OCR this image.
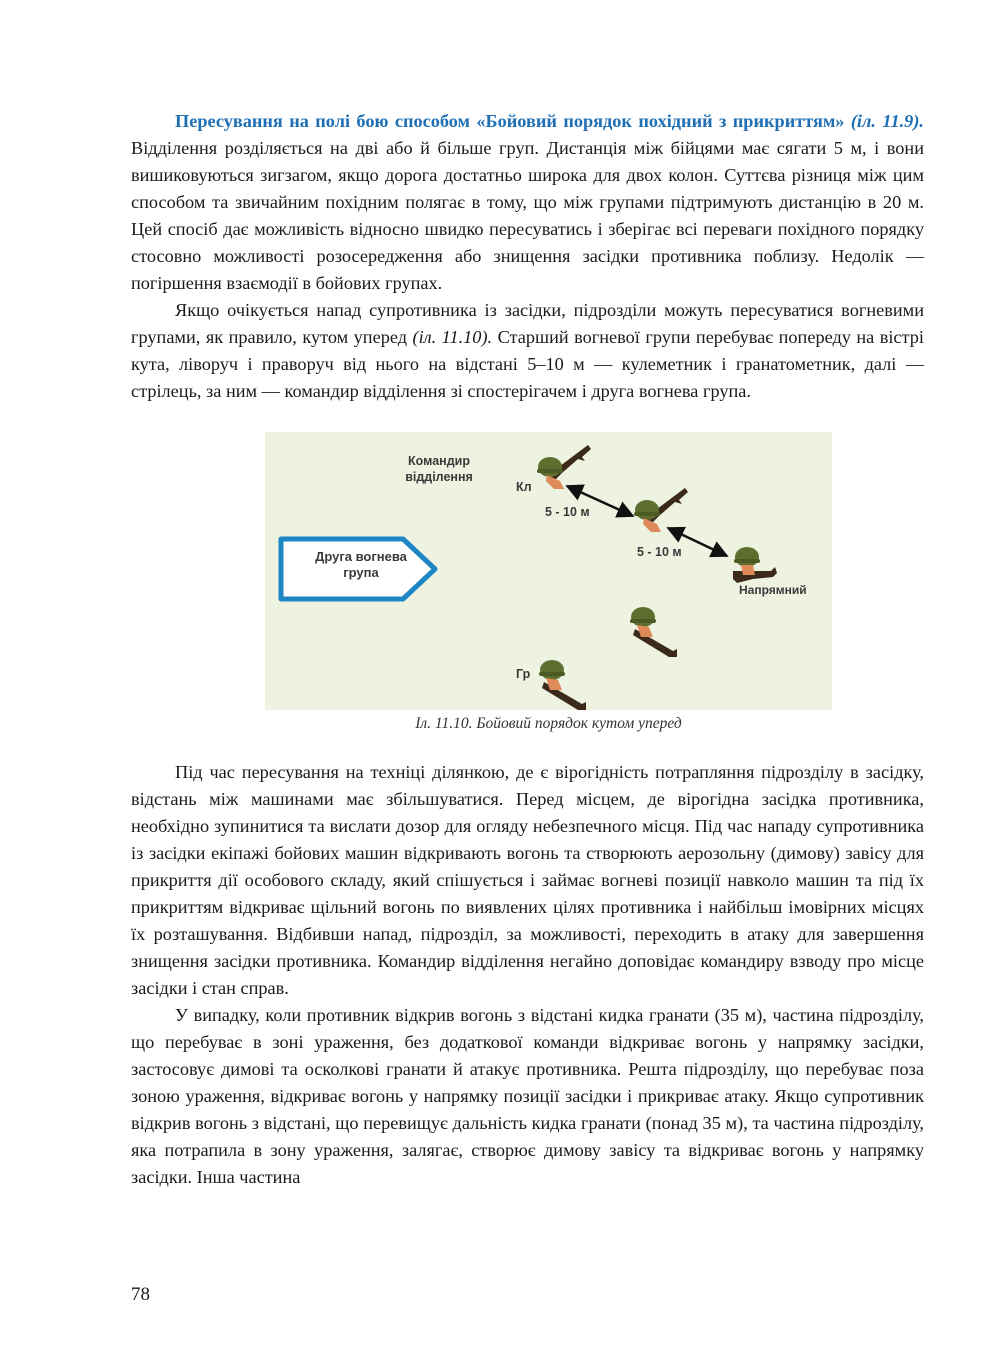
Пересування на полі бою способом «Бойовий порядок похідний з прикриттям» (іл. 11.9). Відділення розділяється на дві або й більше груп. Дистанція між бійцями має сягати 5 м, і вони вишиковуються зигзагом, якщо дорога достатньо широка для двох колон. Суттєва різниця між цим способом та звичайним похідним полягає в тому, що між групами підтримують дистанцію в 20 м. Цей спосіб дає можливість відносно швидко пересуватись і зберігає всі переваги похідного порядку стосовно можливості розосередження або знищення засідки противника поблизу. Недолік — погіршення взаємодії в бойових групах.

Якщо очікується напад супротивника із засідки, підрозділи можуть пересуватися вогневими групами, як правило, кутом уперед (іл. 11.10). Старший вогневої групи перебуває попереду на вістрі кута, ліворуч і праворуч від нього на відстані 5–10 м — кулеметник і гранатометник, далі — стрілець, за ним — командир відділення зі спостерігачем і друга вогнева група.

Командир відділення
Друга вогнева група
Кл
5 - 10 м
5 - 10 м
Напрямний
Гр
Іл. 11.10. Бойовий порядок кутом уперед

Під час пересування на техніці ділянкою, де є вірогідність потрапляння підрозділу в засідку, відстань між машинами має збільшуватися. Перед місцем, де вірогідна засідка противника, необхідно зупинитися та вислати дозор для огляду небезпечного місця. Під час нападу супротивника із засідки екіпажі бойових машин відкривають вогонь та створюють аерозольну (димову) завісу для прикриття дії особового складу, який спішується і займає вогневі позиції навколо машин та під їх прикриттям відкриває щільний вогонь по виявлених цілях противника і найбільш імовірних місцях їх розташування. Відбивши напад, підрозділ, за можливості, переходить в атаку для завершення знищення засідки противника. Командир відділення негайно доповідає командиру взводу про місце засідки і стан справ.

У випадку, коли противник відкрив вогонь з відстані кидка гранати (35 м), частина підрозділу, що перебуває в зоні ураження, без додаткової команди відкриває вогонь у напрямку засідки, застосовує димові та осколкові гранати й атакує противника. Решта підрозділу, що перебуває поза зоною ураження, відкриває вогонь у напрямку позиції засідки і прикриває атаку. Якщо супротивник відкрив вогонь з відстані, що перевищує дальність кидка гранати (понад 35 м), та частина підрозділу, яка потрапила в зону ураження, залягає, створює димову завісу та відкриває вогонь у напрямку засідки. Інша частина

78
